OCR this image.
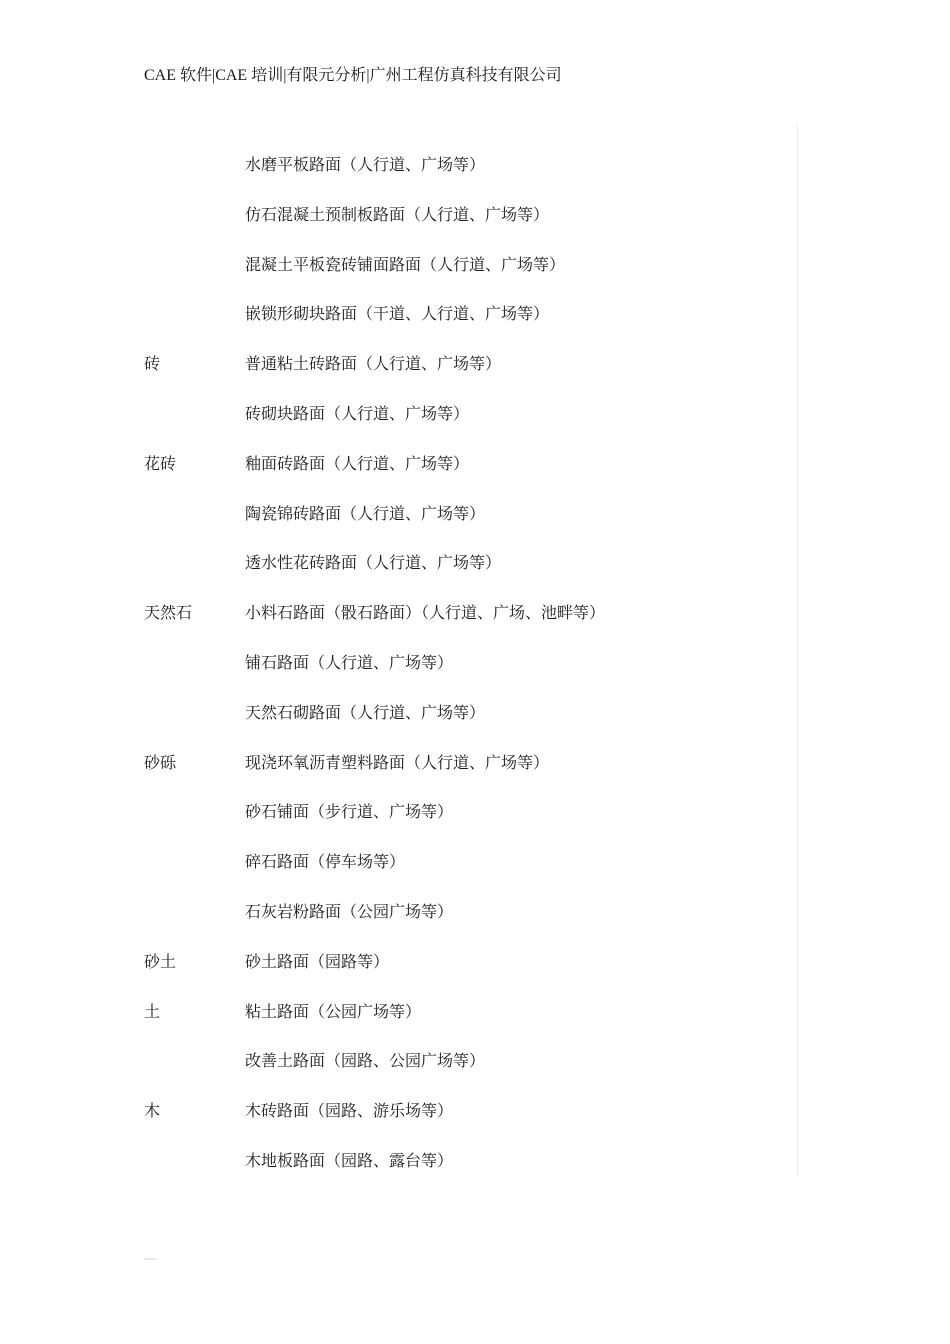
CAE 软件|CAE 培训|有限元分析|广州工程仿真科技有限公司
水磨平板路面（人行道、广场等）
仿石混凝土预制板路面（人行道、广场等）
混凝土平板瓷砖铺面路面（人行道、广场等）
嵌锁形砌块路面（干道、人行道、广场等）
砖	普通粘土砖路面（人行道、广场等）
砖砌块路面（人行道、广场等）
花砖	釉面砖路面（人行道、广场等）
陶瓷锦砖路面（人行道、广场等）
透水性花砖路面（人行道、广场等）
天然石	小料石路面（骰石路面）（人行道、广场、池畔等）
铺石路面（人行道、广场等）
天然石砌路面（人行道、广场等）
砂砾	现浇环氧沥青塑料路面（人行道、广场等）
砂石铺面（步行道、广场等）
碎石路面（停车场等）
石灰岩粉路面（公园广场等）
砂土	砂土路面（园路等）
土	粘土路面（公园广场等）
改善土路面（园路、公园广场等）
木	木砖路面（园路、游乐场等）
木地板路面（园路、露台等）
